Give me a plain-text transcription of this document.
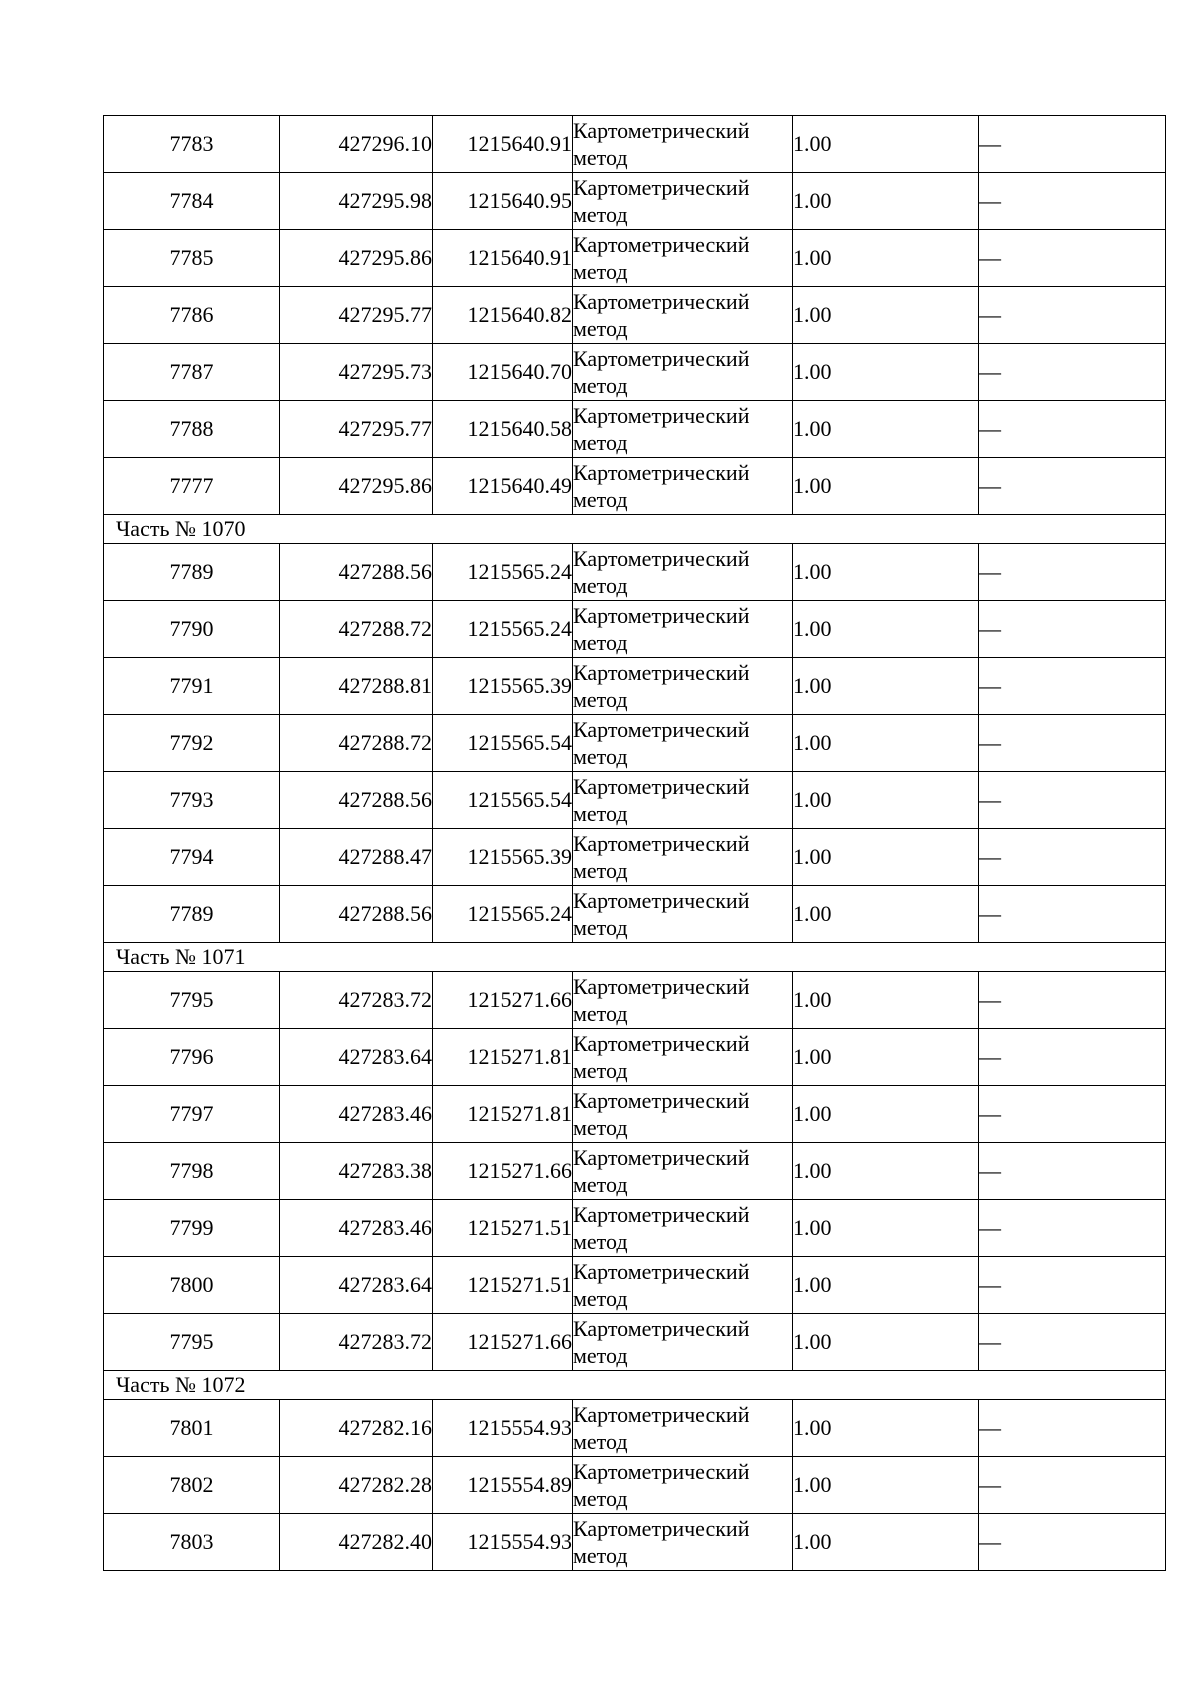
7783	427296.10	1215640.91	Картометрический
метод	1.00	—
7784	427295.98	1215640.95	Картометрический
метод	1.00	—
7785	427295.86	1215640.91	Картометрический
метод	1.00	—
7786	427295.77	1215640.82	Картометрический
метод	1.00	—
7787	427295.73	1215640.70	Картометрический
метод	1.00	—
7788	427295.77	1215640.58	Картометрический
метод	1.00	—
7777	427295.86	1215640.49	Картометрический
метод	1.00	—
Часть № 1070					
7789	427288.56	1215565.24	Картометрический
метод	1.00	—
7790	427288.72	1215565.24	Картометрический
метод	1.00	—
7791	427288.81	1215565.39	Картометрический
метод	1.00	—
7792	427288.72	1215565.54	Картометрический
метод	1.00	—
7793	427288.56	1215565.54	Картометрический
метод	1.00	—
7794	427288.47	1215565.39	Картометрический
метод	1.00	—
7789	427288.56	1215565.24	Картометрический
метод	1.00	—
Часть № 1071					
7795	427283.72	1215271.66	Картометрический
метод	1.00	—
7796	427283.64	1215271.81	Картометрический
метод	1.00	—
7797	427283.46	1215271.81	Картометрический
метод	1.00	—
7798	427283.38	1215271.66	Картометрический
метод	1.00	—
7799	427283.46	1215271.51	Картометрический
метод	1.00	—
7800	427283.64	1215271.51	Картометрический
метод	1.00	—
7795	427283.72	1215271.66	Картометрический
метод	1.00	—
Часть № 1072					
7801	427282.16	1215554.93	Картометрический
метод	1.00	—
7802	427282.28	1215554.89	Картометрический
метод	1.00	—
7803	427282.40	1215554.93	Картометрический
метод	1.00	—
